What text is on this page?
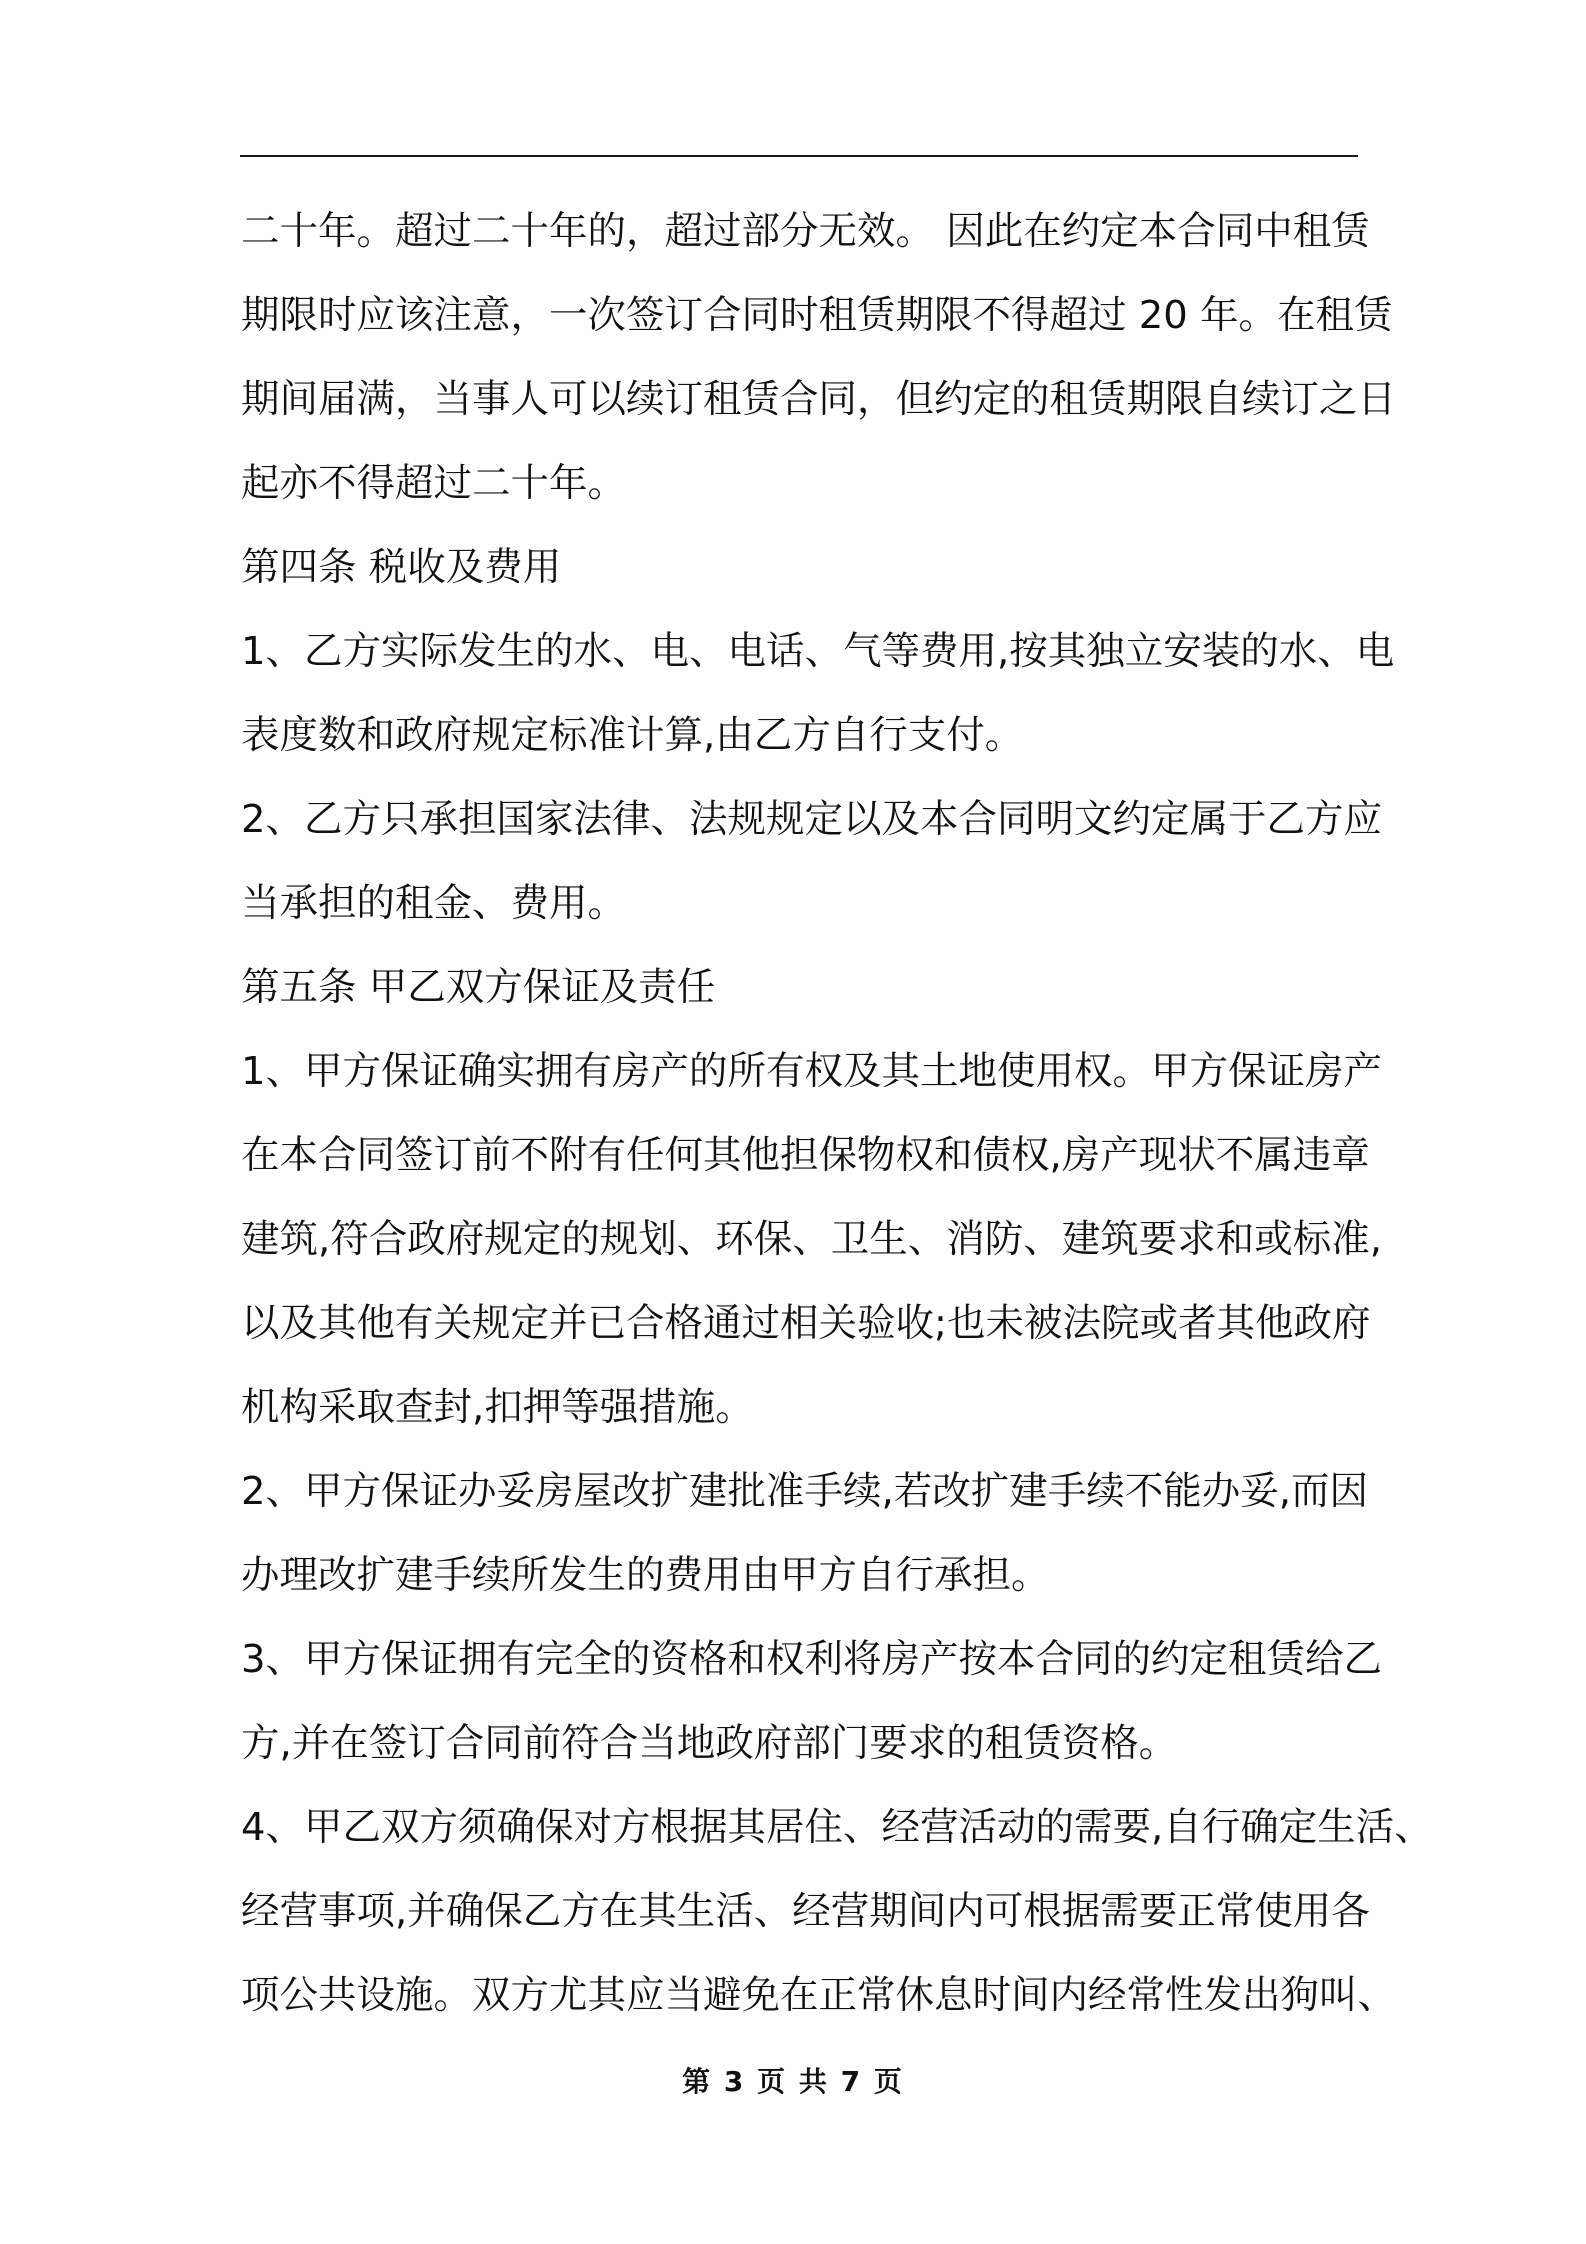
二十年。超过二十年的，超过部分无效。 因此在约定本合同中租赁
期限时应该注意，一次签订合同时租赁期限不得超过 20 年。在租赁
期间届满，当事人可以续订租赁合同，但约定的租赁期限自续订之日
起亦不得超过二十年。
第四条 税收及费用
1、乙方实际发生的水、电、电话、气等费用,按其独立安装的水、电
表度数和政府规定标准计算,由乙方自行支付。
2、乙方只承担国家法律、法规规定以及本合同明文约定属于乙方应
当承担的租金、费用。
第五条 甲乙双方保证及责任
1、甲方保证确实拥有房产的所有权及其土地使用权。甲方保证房产
在本合同签订前不附有任何其他担保物权和债权,房产现状不属违章
建筑,符合政府规定的规划、环保、卫生、消防、建筑要求和或标准,
以及其他有关规定并已合格通过相关验收;也未被法院或者其他政府
机构采取查封,扣押等强措施。
2、甲方保证办妥房屋改扩建批准手续,若改扩建手续不能办妥,而因
办理改扩建手续所发生的费用由甲方自行承担。
3、甲方保证拥有完全的资格和权利将房产按本合同的约定租赁给乙
方,并在签订合同前符合当地政府部门要求的租赁资格。
4、甲乙双方须确保对方根据其居住、经营活动的需要,自行确定生活、
经营事项,并确保乙方在其生活、经营期间内可根据需要正常使用各
项公共设施。双方尤其应当避免在正常休息时间内经常性发出狗叫、
第 3 页 共 7 页
